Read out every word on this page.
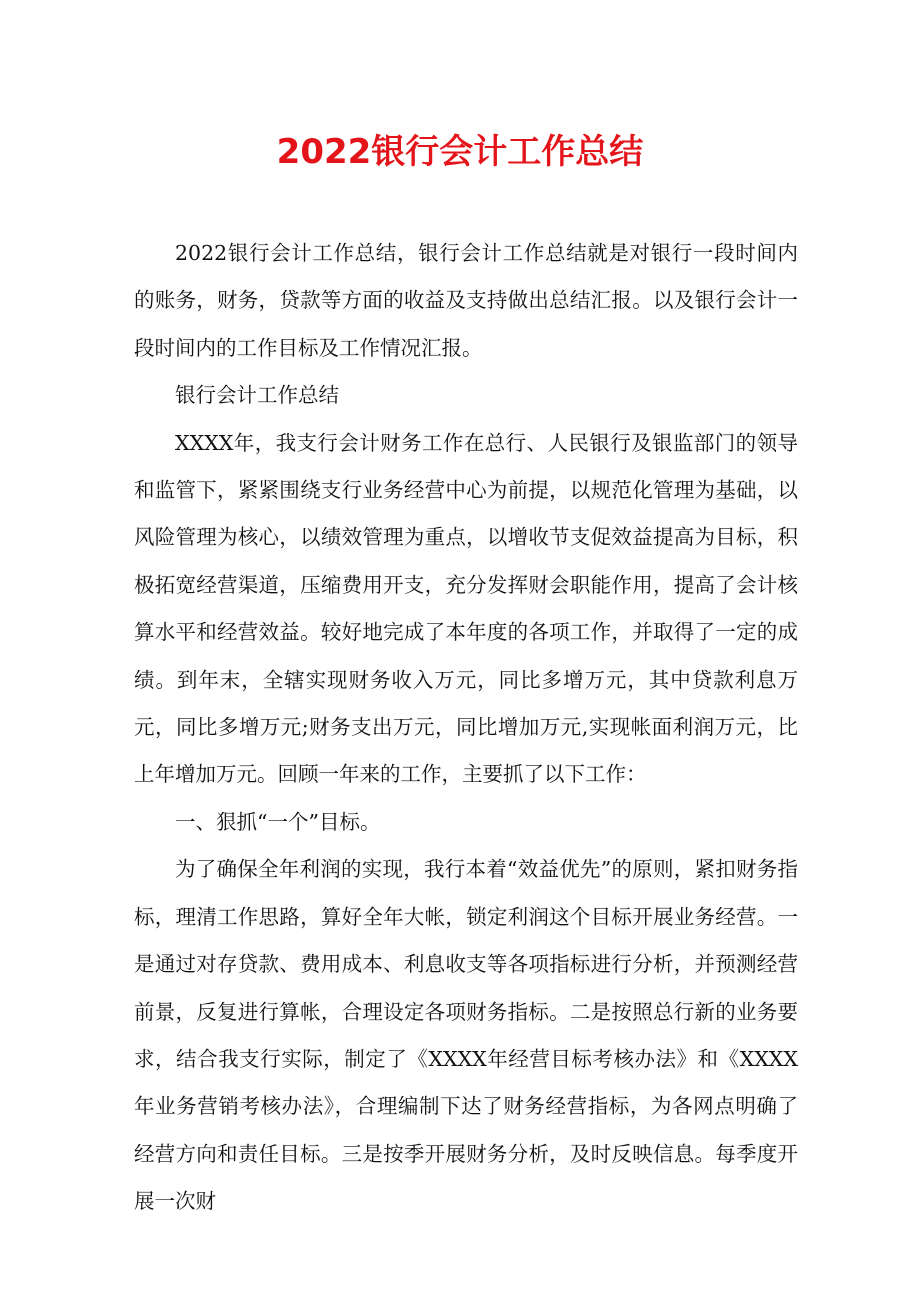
2022银行会计工作总结

2022银行会计工作总结，银行会计工作总结就是对银行一段时间内的账务，财务，贷款等方面的收益及支持做出总结汇报。以及银行会计一段时间内的工作目标及工作情况汇报。

银行会计工作总结

XXXX年，我支行会计财务工作在总行、人民银行及银监部门的领导和监管下，紧紧围绕支行业务经营中心为前提，以规范化管理为基础，以风险管理为核心，以绩效管理为重点，以增收节支促效益提高为目标，积极拓宽经营渠道，压缩费用开支，充分发挥财会职能作用，提高了会计核算水平和经营效益。较好地完成了本年度的各项工作，并取得了一定的成绩。到年末，全辖实现财务收入万元，同比多增万元，其中贷款利息万元，同比多增万元;财务支出万元，同比增加万元,实现帐面利润万元，比上年增加万元。回顾一年来的工作，主要抓了以下工作：

一、狠抓“一个”目标。

为了确保全年利润的实现，我行本着“效益优先”的原则，紧扣财务指标，理清工作思路，算好全年大帐，锁定利润这个目标开展业务经营。一是通过对存贷款、费用成本、利息收支等各项指标进行分析，并预测经营前景，反复进行算帐，合理设定各项财务指标。二是按照总行新的业务要求，结合我支行实际，制定了《XXXX年经营目标考核办法》和《XXXX年业务营销考核办法》，合理编制下达了财务经营指标，为各网点明确了经营方向和责任目标。三是按季开展财务分析，及时反映信息。每季度开展一次财
